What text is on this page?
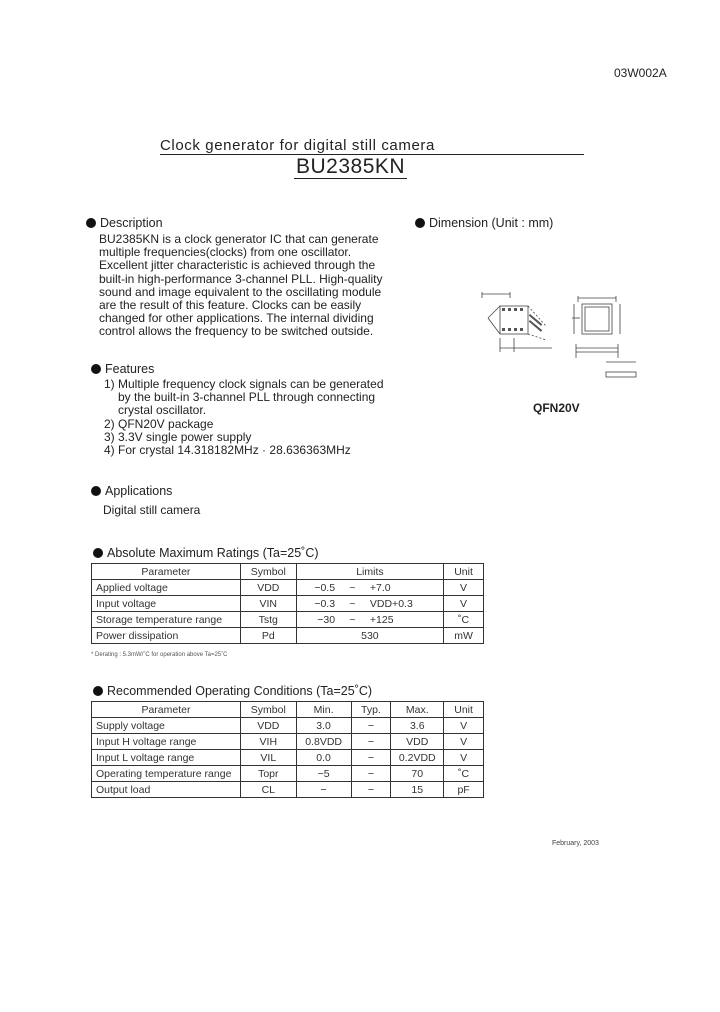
03W002A
Clock generator for digital still camera
BU2385KN
Description
BU2385KN is a clock generator IC that can generate
multiple frequencies(clocks) from one oscillator.
Excellent jitter characteristic is achieved through the
built-in high-performance 3-channel PLL. High-quality
sound and image equivalent to the oscillating module
are the result of this feature. Clocks can be easily
changed for other applications. The internal dividing
control allows the frequency to be switched outside.
Dimension (Unit : mm)
QFN20V
Features
1) Multiple frequency clock signals can be generated
by the built-in 3-channel PLL through connecting
crystal oscillator.
2) QFN20V package
3) 3.3V single power supply
4) For crystal 14.318182MHz · 28.636363MHz
Applications
Digital still camera
Absolute Maximum Ratings (Ta=25˚C)
Parameter	Symbol	Limits			Unit
Applied voltage	VDD	−0.5	~	+7.0	V
Input voltage	VIN	−0.3	~	VDD+0.3	V
Storage temperature range	Tstg	−30	~	+125	˚C
Power dissipation	Pd	530			mW
* Derating : 5.3mW/˚C for operation above Ta=25˚C
Recommended Operating Conditions (Ta=25˚C)
Parameter	Symbol	Min.	Typ.	Max.	Unit
Supply voltage	VDD	3.0	−	3.6	V
Input H voltage range	VIH	0.8VDD	−	VDD	V
Input L voltage range	VIL	0.0	−	0.2VDD	V
Operating temperature range	Topr	−5	−	70	˚C
Output load	CL	−	−	15	pF
February, 2003
